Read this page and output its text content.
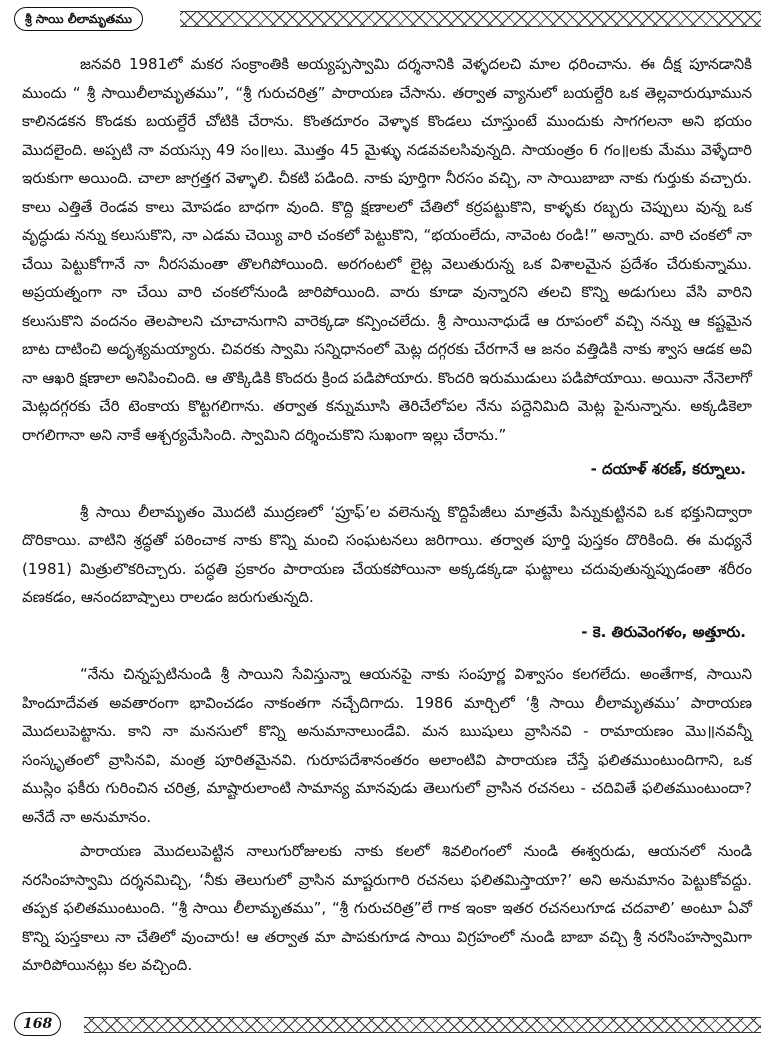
శ్రీ సాయి లీలామృతము

జనవరి 1981లో మకర సంక్రాంతికి అయ్యప్పస్వామి దర్శనానికి వెళ్ళదలచి మాల ధరించాను. ఈ దీక్ష పూనడానికి ముందు “ శ్రీ సాయిలీలామృతము”, “శ్రీ గురుచరిత్ర” పారాయణ చేసాను. తర్వాత వ్యానులో బయల్దేరి ఒక తెల్లవారుఝామున కాలినడకన కొండకు బయల్దేరే చోటికి చేరాను. కొంతదూరం వెళ్ళాక కొండలు చూస్తుంటే ముందుకు సాగగలనా అని భయం మొదలైంది. అప్పటి నా వయస్సు 49 సం॥లు. మొత్తం 45 మైళ్ళు నడవవలసివున్నది. సాయంత్రం 6 గం॥లకు మేము వెళ్ళేదారి ఇరుకుగా అయింది. చాలా జాగ్రత్తగ వెళ్ళాలి. చీకటి పడింది. నాకు పూర్తిగా నీరసం వచ్చి, నా సాయిబాబా నాకు గుర్తుకు వచ్చారు. కాలు ఎత్తితే రెండవ కాలు మోపడం బాధగా వుంది. కొద్ది క్షణాలలో చేతిలో కర్రపట్టుకొని, కాళ్ళకు రబ్బరు చెప్పులు వున్న ఒక వృద్ధుడు నన్ను కలుసుకొని, నా ఎడమ చెయ్యి వారి చంకలో పెట్టుకొని, “భయంలేదు, నావెంట రండి!” అన్నారు. వారి చంకలో నా చేయి పెట్టుకోగానే నా నీరసమంతా తొలగిపోయింది. అరగంటలో లైట్ల వెలుతురున్న ఒక విశాలమైన ప్రదేశం చేరుకున్నాము. అప్రయత్నంగా నా చేయి వారి చంకలోనుండి జారిపోయింది. వారు కూడా వున్నారని తలచి కొన్ని అడుగులు వేసి వారిని కలుసుకొని వందనం తెలపాలని చూచానుగాని వారెక్కడా కన్పించలేదు. శ్రీ సాయినాధుడే ఆ రూపంలో వచ్చి నన్ను ఆ కష్టమైన బాట దాటించి అదృశ్యమయ్యారు. చివరకు స్వామి సన్నిధానంలో మెట్ల దగ్గరకు చేరగానే ఆ జనం వత్తిడికి నాకు శ్వాస ఆడక అవి నా ఆఖరి క్షణాలా అనిపించింది. ఆ తొక్కిడికి కొందరు క్రింద పడిపోయారు. కొందరి ఇరుముడులు పడిపోయాయి. అయినా నేనెలాగో మెట్లదగ్గరకు చేరి టెంకాయ కొట్టగలిగాను. తర్వాత కన్నుమూసి తెరిచేలోపల నేను పద్దెనిమిది మెట్ల పైనున్నాను. అక్కడికెలా రాగలిగానా అని నాకే ఆశ్చర్యమేసింది. స్వామిని దర్శించుకొని సుఖంగా ఇల్లు చేరాను.”

- దయాళ్ శరణ్, కర్నూలు.

శ్రీ సాయి లీలామృతం మొదటి ముద్రణలో ‘ప్రూఫ్’ల వలెనున్న కొద్దిపేజీలు మాత్రమే పిన్నుకుట్టినవి ఒక భక్తునిద్వారా దొరికాయి. వాటిని శ్రద్ధతో పఠించాక నాకు కొన్ని మంచి సంఘటనలు జరిగాయి. తర్వాత పూర్తి పుస్తకం దొరికింది. ఈ మధ్యనే (1981) మిత్రులొకరిచ్చారు. పద్ధతి ప్రకారం పారాయణ చేయకపోయినా అక్కడక్కడా ఘట్టాలు చదువుతున్నప్పుడంతా శరీరం వణకడం, ఆనందబాష్పాలు రాలడం జరుగుతున్నది.

- కె. తిరువెంగళం, అత్తూరు.

“నేను చిన్నప్పటినుండి శ్రీ సాయిని సేవిస్తున్నా ఆయనపై నాకు సంపూర్ణ విశ్వాసం కలగలేదు. అంతేగాక, సాయిని హిందూదేవత అవతారంగా భావించడం నాకంతగా నచ్చేదిగాదు. 1986 మార్చిలో ‘శ్రీ సాయి లీలామృతము’ పారాయణ మొదలుపెట్టాను. కాని నా మనసులో కొన్ని అనుమానాలుండేవి. మన ఋషులు వ్రాసినవి - రామాయణం మొ॥నవన్నీ సంస్కృతంలో వ్రాసినవి, మంత్ర పూరితమైనవి. గురూపదేశానంతరం అలాంటివి పారాయణ చేస్తే ఫలితముంటుందిగాని, ఒక ముస్లిం ఫకీరు గురించిన చరిత్ర, మాష్టారులాంటి సామాన్య మానవుడు తెలుగులో వ్రాసిన రచనలు - చదివితే ఫలితముంటుందా? అనేదే నా అనుమానం.

పారాయణ మొదలుపెట్టిన నాలుగురోజులకు నాకు కలలో శివలింగంలో నుండి ఈశ్వరుడు, ఆయనలో నుండి నరసింహస్వామి దర్శనమిచ్చి, ‘నీకు తెలుగులో వ్రాసిన మాష్టరుగారి రచనలు ఫలితమిస్తాయా?’ అని అనుమానం పెట్టుకోవద్దు. తప్పక ఫలితముంటుంది. “శ్రీ సాయి లీలామృతము”, “శ్రీ గురుచరిత్ర”లే గాక ఇంకా ఇతర రచనలుగూడ చదవాలి’ అంటూ ఏవో కొన్ని పుస్తకాలు నా చేతిలో వుంచారు! ఆ తర్వాత మా పాపకుగూడ సాయి విగ్రహంలో నుండి బాబా వచ్చి శ్రీ నరసింహస్వామిగా మారిపోయినట్లు కల వచ్చింది.

168
